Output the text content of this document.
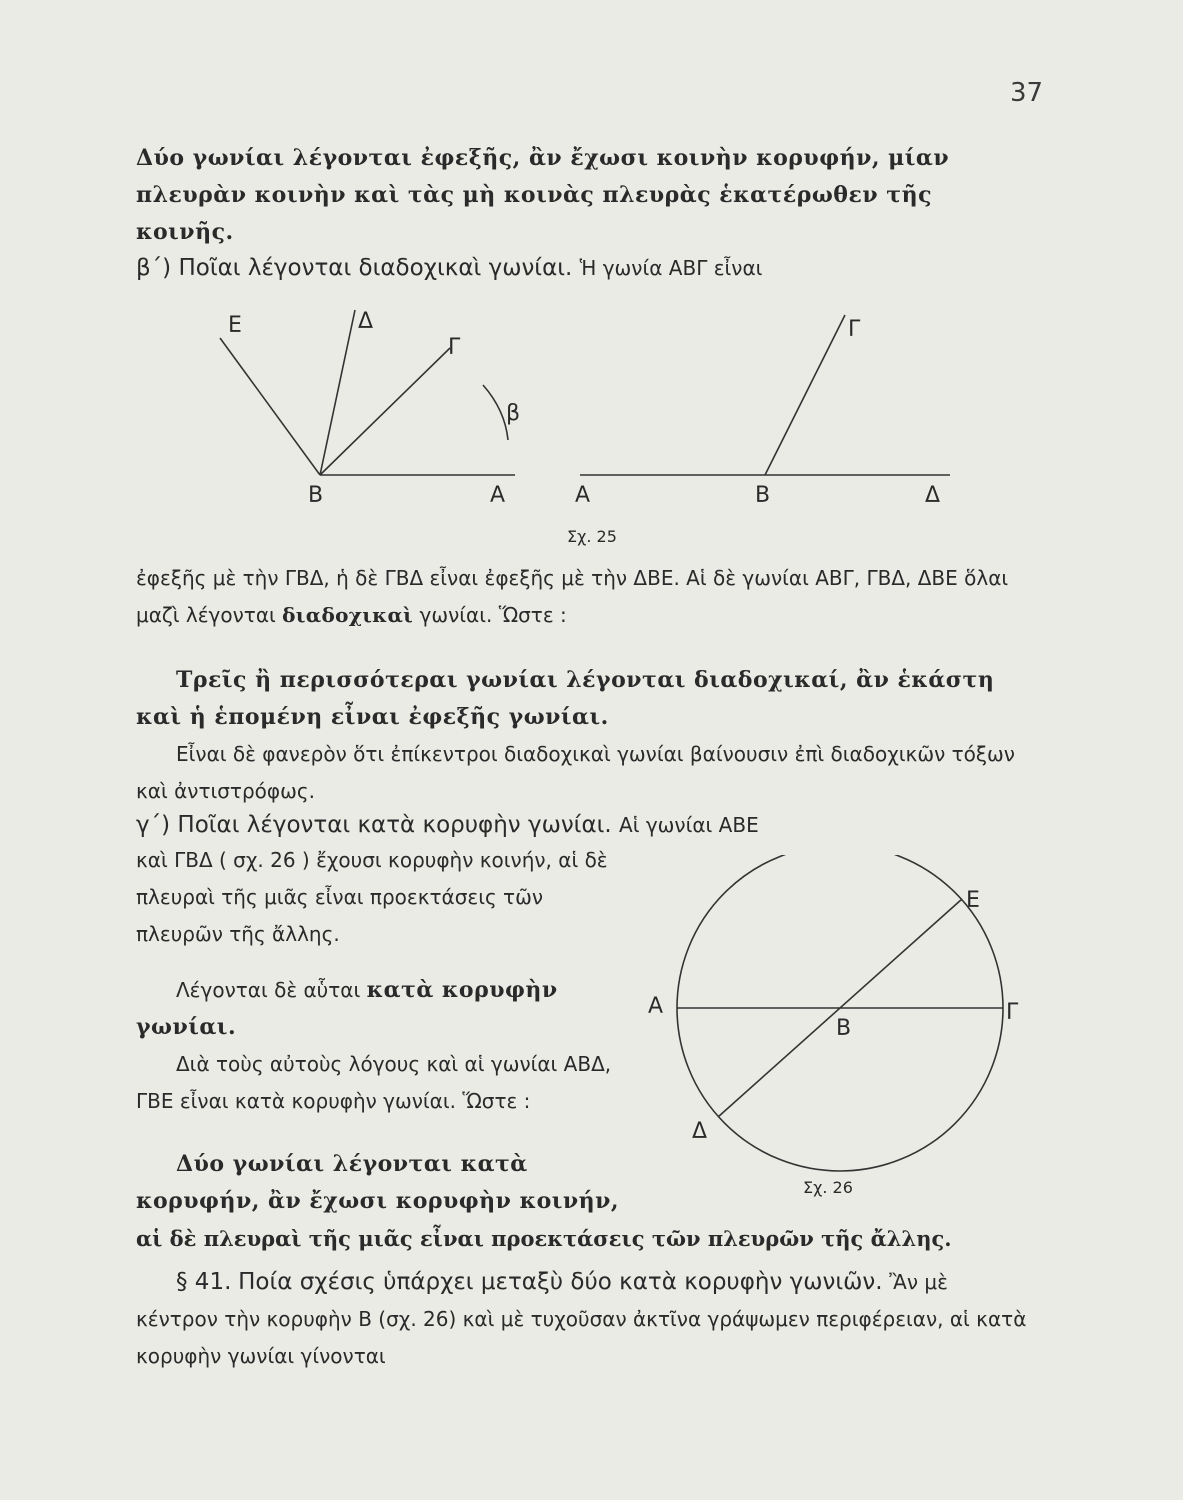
37

Δύο γωνίαι λέγονται ἐφεξῆς, ἂν ἔχωσι κοινὴν κορυφήν, μίαν πλευρὰν κοινὴν καὶ τὰς μὴ κοινὰς πλευρὰς ἑκατέρωθεν τῆς κοινῆς.

β΄) Ποῖαι λέγονται διαδοχικαὶ γωνίαι. Ἡ γωνία ΑΒΓ εἶναι

Ε	Δ
Γ
β
Β	Α	Α	Β	Δ
Γ
Σχ. 25

ἐφεξῆς μὲ τὴν ΓΒΔ, ἡ δὲ ΓΒΔ εἶναι ἐφεξῆς μὲ τὴν ΔΒΕ. Αἱ δὲ γωνίαι ΑΒΓ, ΓΒΔ, ΔΒΕ ὅλαι μαζὶ λέγονται διαδοχικαὶ γωνίαι. Ὥστε :

Τρεῖς ἢ περισσότεραι γωνίαι λέγονται διαδοχικαί, ἂν ἑκάστη καὶ ἡ ἑπομένη εἶναι ἐφεξῆς γωνίαι.

Εἶναι δὲ φανερὸν ὅτι ἐπίκεντροι διαδοχικαὶ γωνίαι βαίνουσιν ἐπὶ διαδοχικῶν τόξων καὶ ἀντιστρόφως.

γ΄) Ποῖαι λέγονται κατὰ κορυφὴν γωνίαι. Αἱ γωνίαι ΑΒΕ

καὶ ΓΒΔ ( σχ. 26 ) ἔχουσι κορυφὴν κοινήν, αἱ δὲ πλευραὶ τῆς μιᾶς εἶναι προεκτάσεις τῶν πλευρῶν τῆς ἄλλης.

Λέγονται δὲ αὗται κατὰ κορυφὴν γωνίαι.

Διὰ τοὺς αὐτοὺς λόγους καὶ αἱ γωνίαι ΑΒΔ, ΓΒΕ εἶναι κατὰ κορυφὴν γωνίαι. Ὥστε :

Δύο γωνίαι λέγονται κατὰ κορυφήν, ἂν ἔχωσι κορυφὴν κοινήν,

αἱ δὲ πλευραὶ τῆς μιᾶς εἶναι προεκτάσεις τῶν πλευρῶν τῆς ἄλλης.

Ε
Α
Β
Γ
Δ
Σχ. 26

§ 41. Ποία σχέσις ὑπάρχει μεταξὺ δύο κατὰ κορυφὴν γωνιῶν. Ἂν μὲ κέντρον τὴν κορυφὴν Β (σχ. 26) καὶ μὲ τυχοῦσαν ἀκτῖνα γράψωμεν περιφέρειαν, αἱ κατὰ κορυφὴν γωνίαι γίνονται
